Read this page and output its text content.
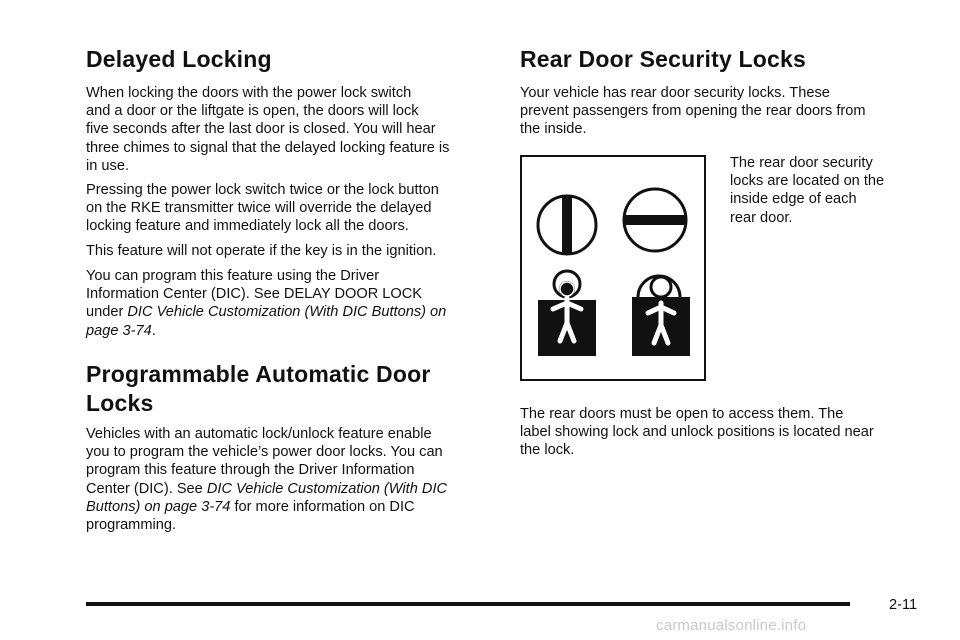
Delayed Locking

When locking the doors with the power lock switch

and a door or the liftgate is open, the doors will lock

five seconds after the last door is closed. You will hear

three chimes to signal that the delayed locking feature is

in use.

Pressing the power lock switch twice or the lock button

on the RKE transmitter twice will override the delayed

locking feature and immediately lock all the doors.

This feature will not operate if the key is in the ignition.

You can program this feature using the Driver

Information Center (DIC). See DELAY DOOR LOCK

under DIC Vehicle Customization (With DIC Buttons) on

page 3-74.

Programmable Automatic Door
Locks

Vehicles with an automatic lock/unlock feature enable

you to program the vehicle’s power door locks. You can

program this feature through the Driver Information

Center (DIC). See DIC Vehicle Customization (With DIC

Buttons) on page 3-74 for more information on DIC

programming.

Rear Door Security Locks

Your vehicle has rear door security locks. These

prevent passengers from opening the rear doors from

the inside.

The rear door security

locks are located on the

inside edge of each

rear door.

The rear doors must be open to access them. The

label showing lock and unlock positions is located near

the lock.

2-11
carmanualsonline.info
